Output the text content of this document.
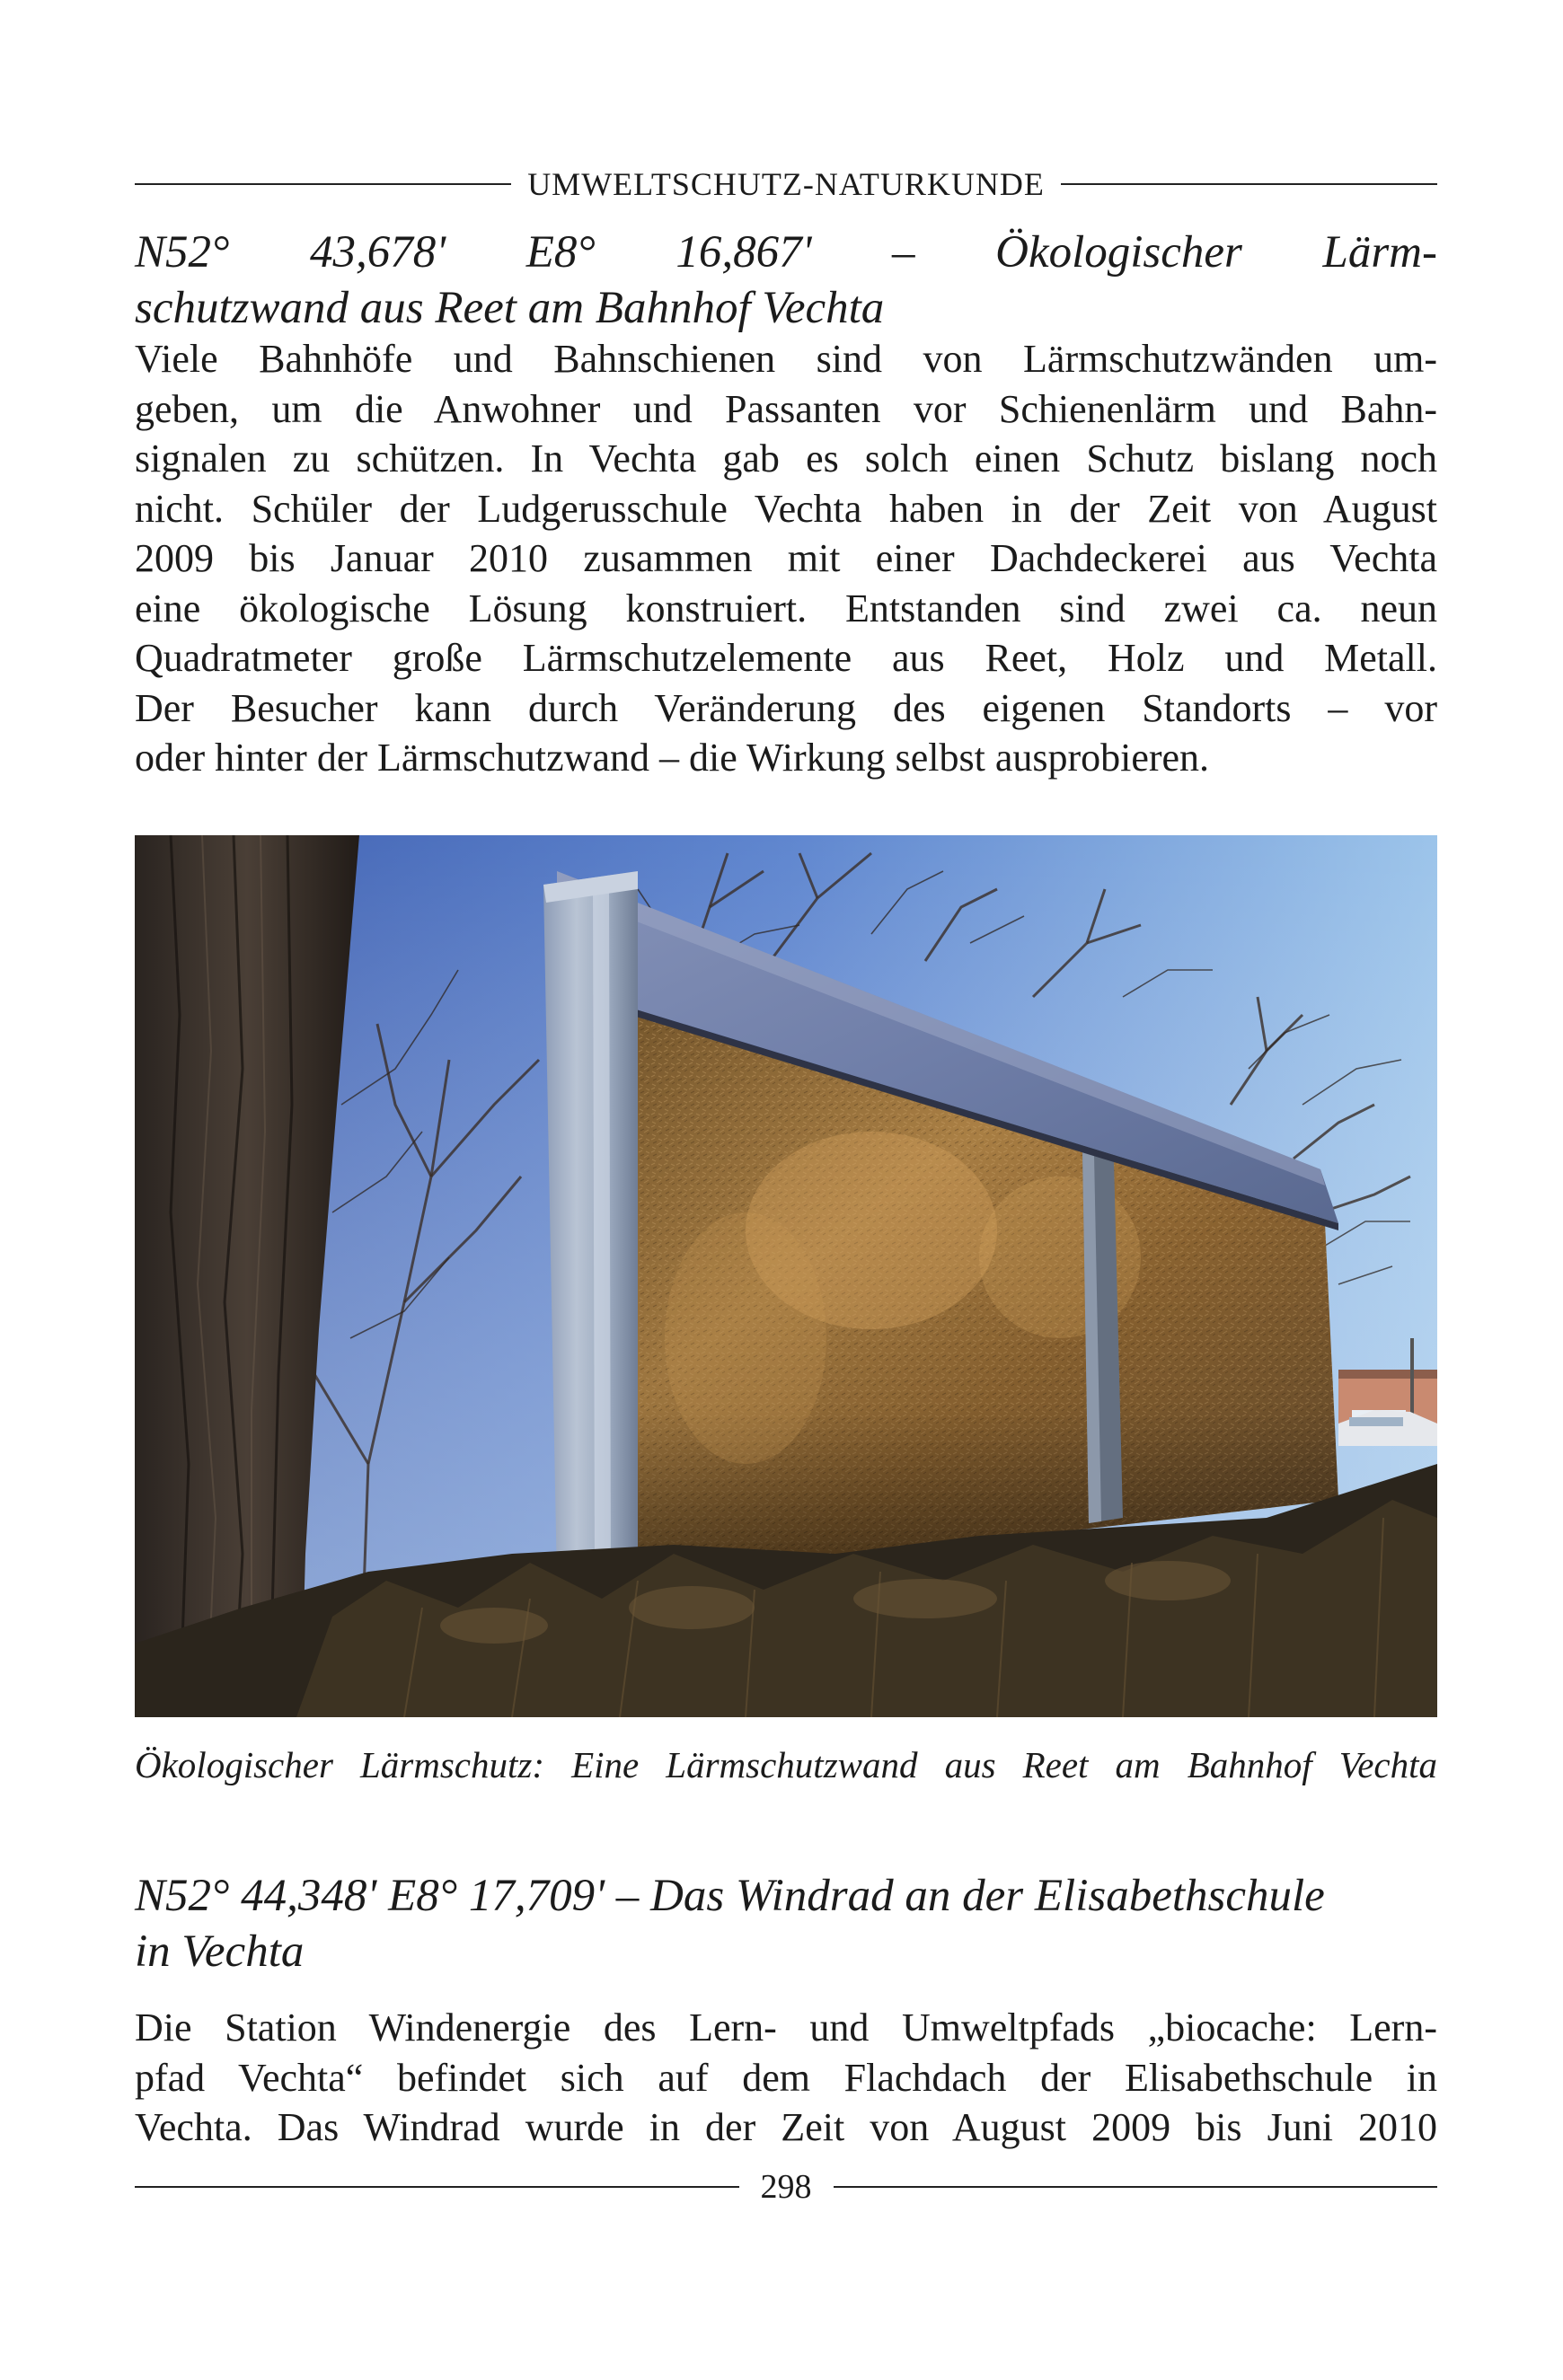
UMWELTSCHUTZ-NATURKUNDE
N52° 43,678' E8° 16,867' – Ökologischer Lärm-
schutzwand aus Reet am Bahnhof Vechta
Viele Bahnhöfe und Bahnschienen sind von Lärmschutzwänden um-
geben, um die Anwohner und Passanten vor Schienenlärm und Bahn-
signalen zu schützen. In Vechta gab es solch einen Schutz bislang noch
nicht. Schüler der Ludgerusschule Vechta haben in der Zeit von August
2009 bis Januar 2010 zusammen mit einer Dachdeckerei aus Vechta
eine ökologische Lösung konstruiert. Entstanden sind zwei ca. neun
Quadratmeter große Lärmschutzelemente aus Reet, Holz und Metall.
Der Besucher kann durch Veränderung des eigenen Standorts – vor
oder hinter der Lärmschutzwand – die Wirkung selbst ausprobieren.
Ökologischer Lärmschutz: Eine Lärmschutzwand aus Reet am Bahnhof Vechta
N52° 44,348' E8° 17,709' – Das Windrad an der Elisabethschule
in Vechta
Die Station Windenergie des Lern- und Umweltpfads „biocache: Lern-
pfad Vechta“ befindet sich auf dem Flachdach der Elisabethschule in
Vechta. Das Windrad wurde in der Zeit von August 2009 bis Juni 2010
298
